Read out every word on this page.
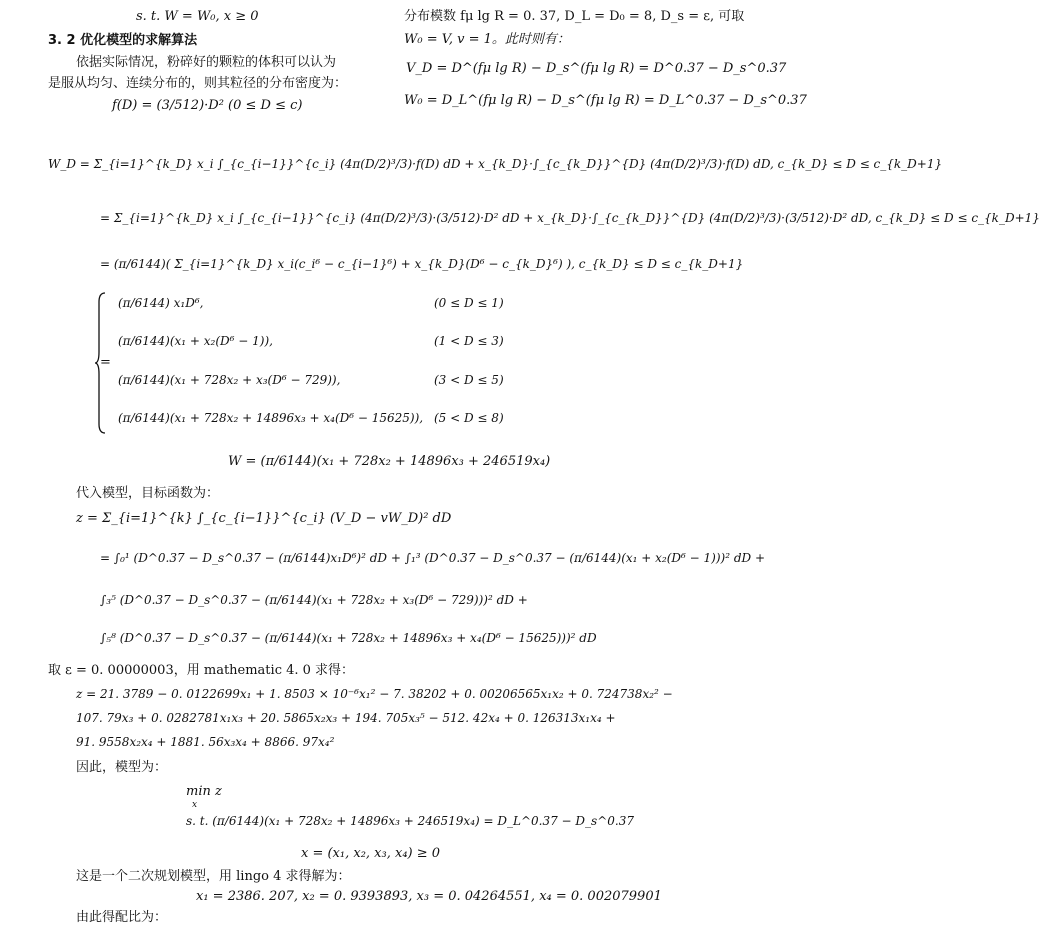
s. t. W = W₀, x ≥ 0
3. 2 优化模型的求解算法
依据实际情况，粉碎好的颗粒的体积可以认为
是服从均匀、连续分布的，则其粒径的分布密度为：
f(D) = (3/512)·D² (0 ≤ D ≤ c)
分布模数 fμ lg R = 0. 37, D_L = D₀ = 8, D_s = ε, 可取
W₀ = V, v = 1。此时则有：
V_D = D^(fμ lg R) − D_s^(fμ lg R) = D^0.37 − D_s^0.37
W₀ = D_L^(fμ lg R) − D_s^(fμ lg R) = D_L^0.37 − D_s^0.37
W_D = Σ_{i=1}^{k_D} x_i ∫_{c_{i−1}}^{c_i} (4π(D/2)³/3)·f(D) dD + x_{k_D}·∫_{c_{k_D}}^{D} (4π(D/2)³/3)·f(D) dD, c_{k_D} ≤ D ≤ c_{k_D+1}
= Σ_{i=1}^{k_D} x_i ∫_{c_{i−1}}^{c_i} (4π(D/2)³/3)·(3/512)·D² dD + x_{k_D}·∫_{c_{k_D}}^{D} (4π(D/2)³/3)·(3/512)·D² dD, c_{k_D} ≤ D ≤ c_{k_D+1}
= (π/6144)( Σ_{i=1}^{k_D} x_i(c_i⁶ − c_{i−1}⁶) + x_{k_D}(D⁶ − c_{k_D}⁶) ), c_{k_D} ≤ D ≤ c_{k_D+1}
=
(π/6144) x₁D⁶,	(0 ≤ D ≤ 1)
(π/6144)(x₁ + x₂(D⁶ − 1)),	(1 < D ≤ 3)
(π/6144)(x₁ + 728x₂ + x₃(D⁶ − 729)),	(3 < D ≤ 5)
(π/6144)(x₁ + 728x₂ + 14896x₃ + x₄(D⁶ − 15625)), (5 < D ≤ 8)
W = (π/6144)(x₁ + 728x₂ + 14896x₃ + 246519x₄)
代入模型，目标函数为：
z = Σ_{i=1}^{k} ∫_{c_{i−1}}^{c_i} (V_D − vW_D)² dD
= ∫₀¹ (D^0.37 − D_s^0.37 − (π/6144)x₁D⁶)² dD + ∫₁³ (D^0.37 − D_s^0.37 − (π/6144)(x₁ + x₂(D⁶ − 1)))² dD +
∫₃⁵ (D^0.37 − D_s^0.37 − (π/6144)(x₁ + 728x₂ + x₃(D⁶ − 729)))² dD +
∫₅⁸ (D^0.37 − D_s^0.37 − (π/6144)(x₁ + 728x₂ + 14896x₃ + x₄(D⁶ − 15625)))² dD
取 ε = 0. 00000003，用 mathematic 4. 0 求得：
z = 21. 3789 − 0. 0122699x₁ + 1. 8503 × 10⁻⁶x₁² − 7. 38202 + 0. 00206565x₁x₂ + 0. 724738x₂² −
107. 79x₃ + 0. 0282781x₁x₃ + 20. 5865x₂x₃ + 194. 705x₃⁵ − 512. 42x₄ + 0. 126313x₁x₄ +
91. 9558x₂x₄ + 1881. 56x₃x₄ + 8866. 97x₄²
因此，模型为：
min z
x
s. t. (π/6144)(x₁ + 728x₂ + 14896x₃ + 246519x₄) = D_L^0.37 − D_s^0.37
x = (x₁, x₂, x₃, x₄) ≥ 0
这是一个二次规划模型，用 lingo 4 求得解为：
x₁ = 2386. 207, x₂ = 0. 9393893, x₃ = 0. 04264551, x₄ = 0. 002079901
由此得配比为：
